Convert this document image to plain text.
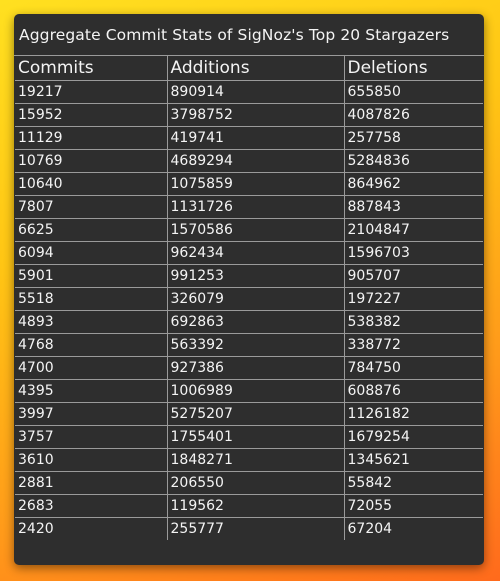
Aggregate Commit Stats of SigNoz's Top 20 Stargazers
Commits	Additions	Deletions
19217	890914	655850
15952	3798752	4087826
11129	419741	257758
10769	4689294	5284836
10640	1075859	864962
7807	1131726	887843
6625	1570586	2104847
6094	962434	1596703
5901	991253	905707
5518	326079	197227
4893	692863	538382
4768	563392	338772
4700	927386	784750
4395	1006989	608876
3997	5275207	1126182
3757	1755401	1679254
3610	1848271	1345621
2881	206550	55842
2683	119562	72055
2420	255777	67204
